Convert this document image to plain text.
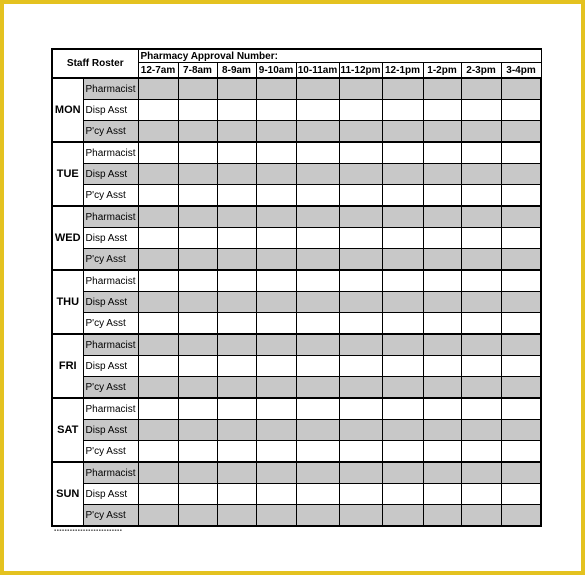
Staff Roster		Pharmacy Approval Number:									
		12-7am	7-8am	8-9am	9-10am	10-11am	11-12pm	12-1pm	1-2pm	2-3pm	3-4pm
MON	Pharmacist										
	Disp Asst										
	P'cy Asst										
TUE	Pharmacist										
	Disp Asst										
	P'cy Asst										
WED	Pharmacist										
	Disp Asst										
	P'cy Asst										
THU	Pharmacist										
	Disp Asst										
	P'cy Asst										
FRI	Pharmacist										
	Disp Asst										
	P'cy Asst										
SAT	Pharmacist										
	Disp Asst										
	P'cy Asst										
SUN	Pharmacist										
	Disp Asst										
	P'cy Asst										
▪▪▪▪▪▪▪▪▪▪▪▪▪▪▪▪▪▪▪▪▪▪▪▪▪▪
